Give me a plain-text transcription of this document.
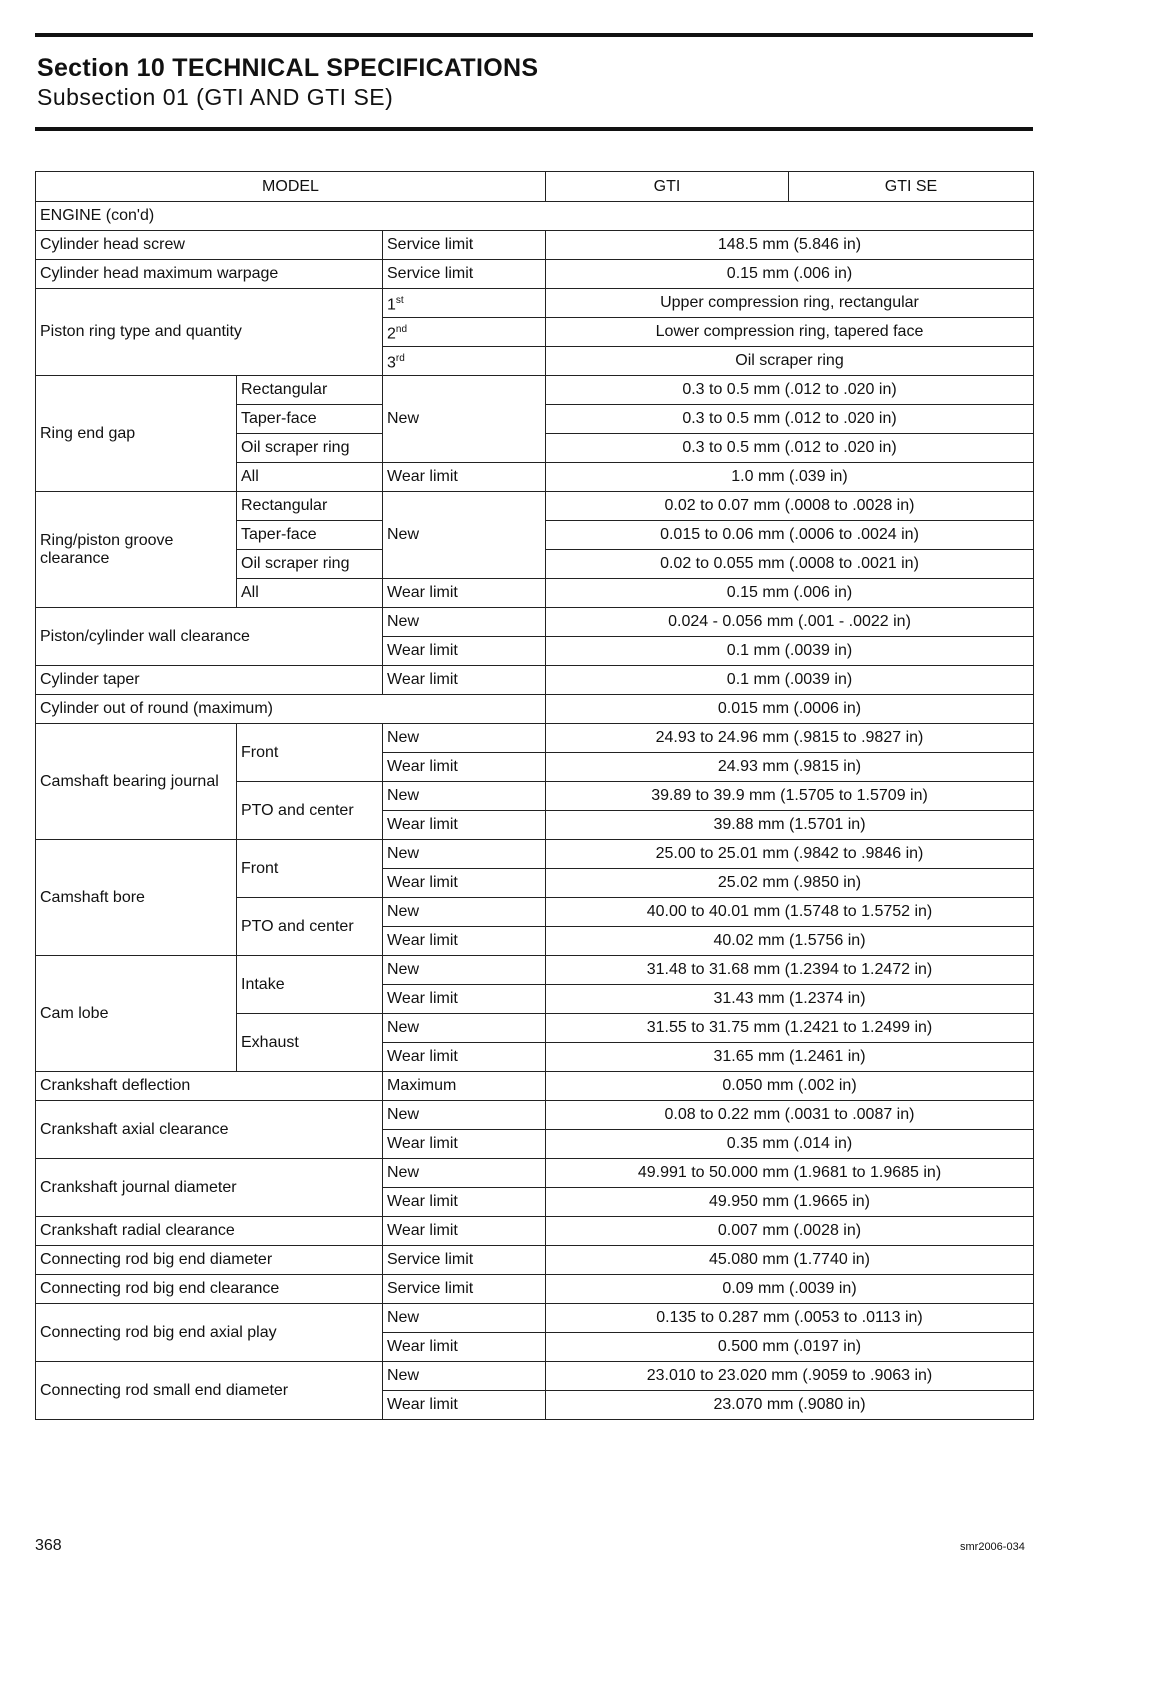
Section 10 TECHNICAL SPECIFICATIONS
Subsection 01 (GTI AND GTI SE)
MODEL			GTI	GTI SE
ENGINE (con'd)				
Cylinder head screw		Service limit	148.5 mm (5.846 in)	
Cylinder head maximum warpage		Service limit	0.15 mm (.006 in)	
Piston ring type and quantity		1st	Upper compression ring, rectangular	
		2nd	Lower compression ring, tapered face	
		3rd	Oil scraper ring	
Ring end gap	Rectangular	New	0.3 to 0.5 mm (.012 to .020 in)	
	Taper-face		0.3 to 0.5 mm (.012 to .020 in)	
	Oil scraper ring		0.3 to 0.5 mm (.012 to .020 in)	
	All	Wear limit	1.0 mm (.039 in)	
Ring/piston groove clearance	Rectangular	New	0.02 to 0.07 mm (.0008 to .0028 in)	
	Taper-face		0.015 to 0.06 mm (.0006 to .0024 in)	
	Oil scraper ring		0.02 to 0.055 mm (.0008 to .0021 in)	
	All	Wear limit	0.15 mm (.006 in)	
Piston/cylinder wall clearance		New	0.024 - 0.056 mm (.001 - .0022 in)	
		Wear limit	0.1 mm (.0039 in)	
Cylinder taper		Wear limit	0.1 mm (.0039 in)	
Cylinder out of round (maximum)			0.015 mm (.0006 in)	
Camshaft bearing journal	Front	New	24.93 to 24.96 mm (.9815 to .9827 in)	
		Wear limit	24.93 mm (.9815 in)	
	PTO and center	New	39.89 to 39.9 mm (1.5705 to 1.5709 in)	
		Wear limit	39.88 mm (1.5701 in)	
Camshaft bore	Front	New	25.00 to 25.01 mm (.9842 to .9846 in)	
		Wear limit	25.02 mm (.9850 in)	
	PTO and center	New	40.00 to 40.01 mm (1.5748 to 1.5752 in)	
		Wear limit	40.02 mm (1.5756 in)	
Cam lobe	Intake	New	31.48 to 31.68 mm (1.2394 to 1.2472 in)	
		Wear limit	31.43 mm (1.2374 in)	
	Exhaust	New	31.55 to 31.75 mm (1.2421 to 1.2499 in)	
		Wear limit	31.65 mm (1.2461 in)	
Crankshaft deflection		Maximum	0.050 mm (.002 in)	
Crankshaft axial clearance		New	0.08 to 0.22 mm (.0031 to .0087 in)	
		Wear limit	0.35 mm (.014 in)	
Crankshaft journal diameter		New	49.991 to 50.000 mm (1.9681 to 1.9685 in)	
		Wear limit	49.950 mm (1.9665 in)	
Crankshaft radial clearance		Wear limit	0.007 mm (.0028 in)	
Connecting rod big end diameter		Service limit	45.080 mm (1.7740 in)	
Connecting rod big end clearance		Service limit	0.09 mm (.0039 in)	
Connecting rod big end axial play		New	0.135 to 0.287 mm (.0053 to .0113 in)	
		Wear limit	0.500 mm (.0197 in)	
Connecting rod small end diameter		New	23.010 to 23.020 mm (.9059 to .9063 in)	
		Wear limit	23.070 mm (.9080 in)	
368	smr2006-034
